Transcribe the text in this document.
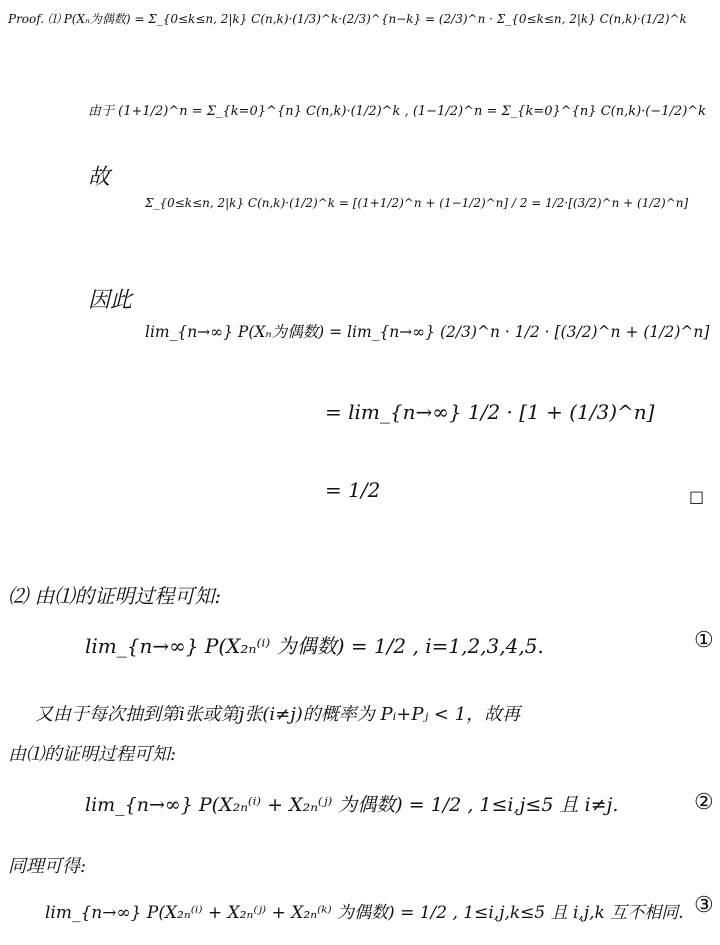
Proof. ⑴ P(Xₙ为偶数) = Σ_{0≤k≤n, 2|k} C(n,k)·(1/3)^k·(2/3)^{n−k} = (2/3)^n · Σ_{0≤k≤n, 2|k} C(n,k)·(1/2)^k
由于 (1+1/2)^n = Σ_{k=0}^{n} C(n,k)·(1/2)^k , (1−1/2)^n = Σ_{k=0}^{n} C(n,k)·(−1/2)^k
故
Σ_{0≤k≤n, 2|k} C(n,k)·(1/2)^k = [(1+1/2)^n + (1−1/2)^n] / 2 = 1/2·[(3/2)^n + (1/2)^n]
因此
lim_{n→∞} P(Xₙ为偶数) = lim_{n→∞} (2/3)^n · 1/2 · [(3/2)^n + (1/2)^n]
= lim_{n→∞} 1/2 · [1 + (1/3)^n]
= 1/2	□
⑵ 由⑴的证明过程可知:
lim_{n→∞} P(X₂ₙ⁽ⁱ⁾ 为偶数) = 1/2 , i=1,2,3,4,5.	①
又由于每次抽到第i张或第j张(i≠j)的概率为 Pᵢ+Pⱼ < 1，故再
由⑴的证明过程可知:
lim_{n→∞} P(X₂ₙ⁽ⁱ⁾ + X₂ₙ⁽ʲ⁾ 为偶数) = 1/2 , 1≤i,j≤5 且 i≠j.	②
同理可得:
lim_{n→∞} P(X₂ₙ⁽ⁱ⁾ + X₂ₙ⁽ʲ⁾ + X₂ₙ⁽ᵏ⁾ 为偶数) = 1/2 , 1≤i,j,k≤5 且 i,j,k 互不相同. ③
